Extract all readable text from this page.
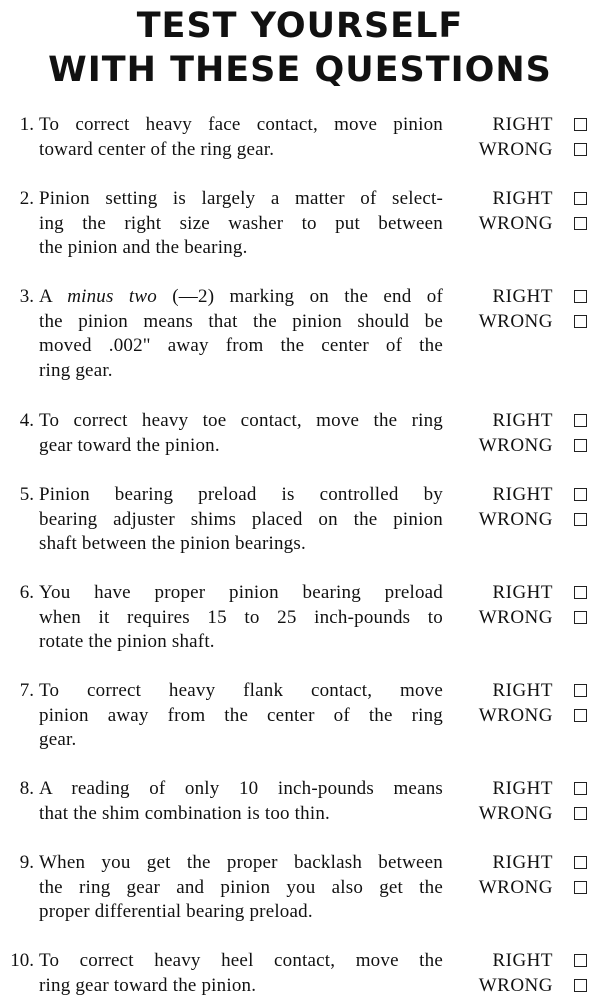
TEST YOURSELF
WITH THESE QUESTIONS
1. To correct heavy face contact, move pinion
toward center of the ring gear.
RIGHT
WRONG
2. Pinion setting is largely a matter of select-
ing the right size washer to put between
the pinion and the bearing.
RIGHT
WRONG
3. A minus two (—2) marking on the end of
the pinion means that the pinion should be
moved .002" away from the center of the
ring gear.
RIGHT
WRONG
4. To correct heavy toe contact, move the ring
gear toward the pinion.
RIGHT
WRONG
5. Pinion bearing preload is controlled by
bearing adjuster shims placed on the pinion
shaft between the pinion bearings.
RIGHT
WRONG
6. You have proper pinion bearing preload
when it requires 15 to 25 inch-pounds to
rotate the pinion shaft.
RIGHT
WRONG
7. To correct heavy flank contact, move
pinion away from the center of the ring
gear.
RIGHT
WRONG
8. A reading of only 10 inch-pounds means
that the shim combination is too thin.
RIGHT
WRONG
9. When you get the proper backlash between
the ring gear and pinion you also get the
proper differential bearing preload.
RIGHT
WRONG
10. To correct heavy heel contact, move the
ring gear toward the pinion.
RIGHT
WRONG
